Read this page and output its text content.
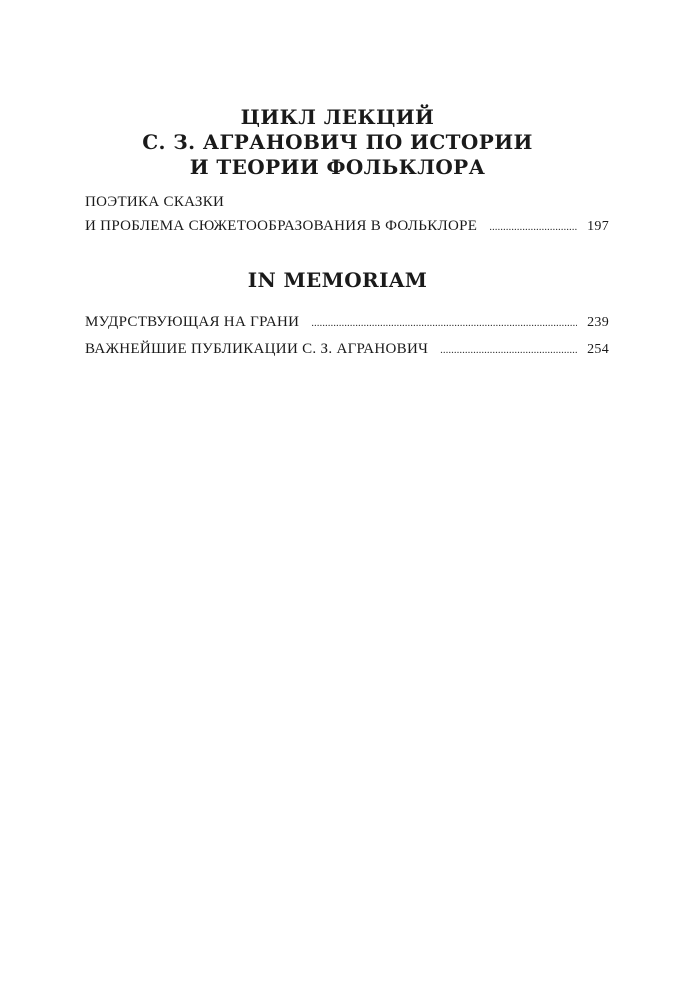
ЦИКЛ ЛЕКЦИЙ
С. З. АГРАНОВИЧ ПО ИСТОРИИ
И ТЕОРИИ ФОЛЬКЛОРА
ПОЭТИКА СКАЗКИ
И ПРОБЛЕМА СЮЖЕТООБРАЗОВАНИЯ В ФОЛЬКЛОРЕ .....	197
IN MEMORIAM
МУДРСТВУЮЩАЯ НА ГРАНИ .....	239
ВАЖНЕЙШИЕ ПУБЛИКАЦИИ С. З. АГРАНОВИЧ .....	254
